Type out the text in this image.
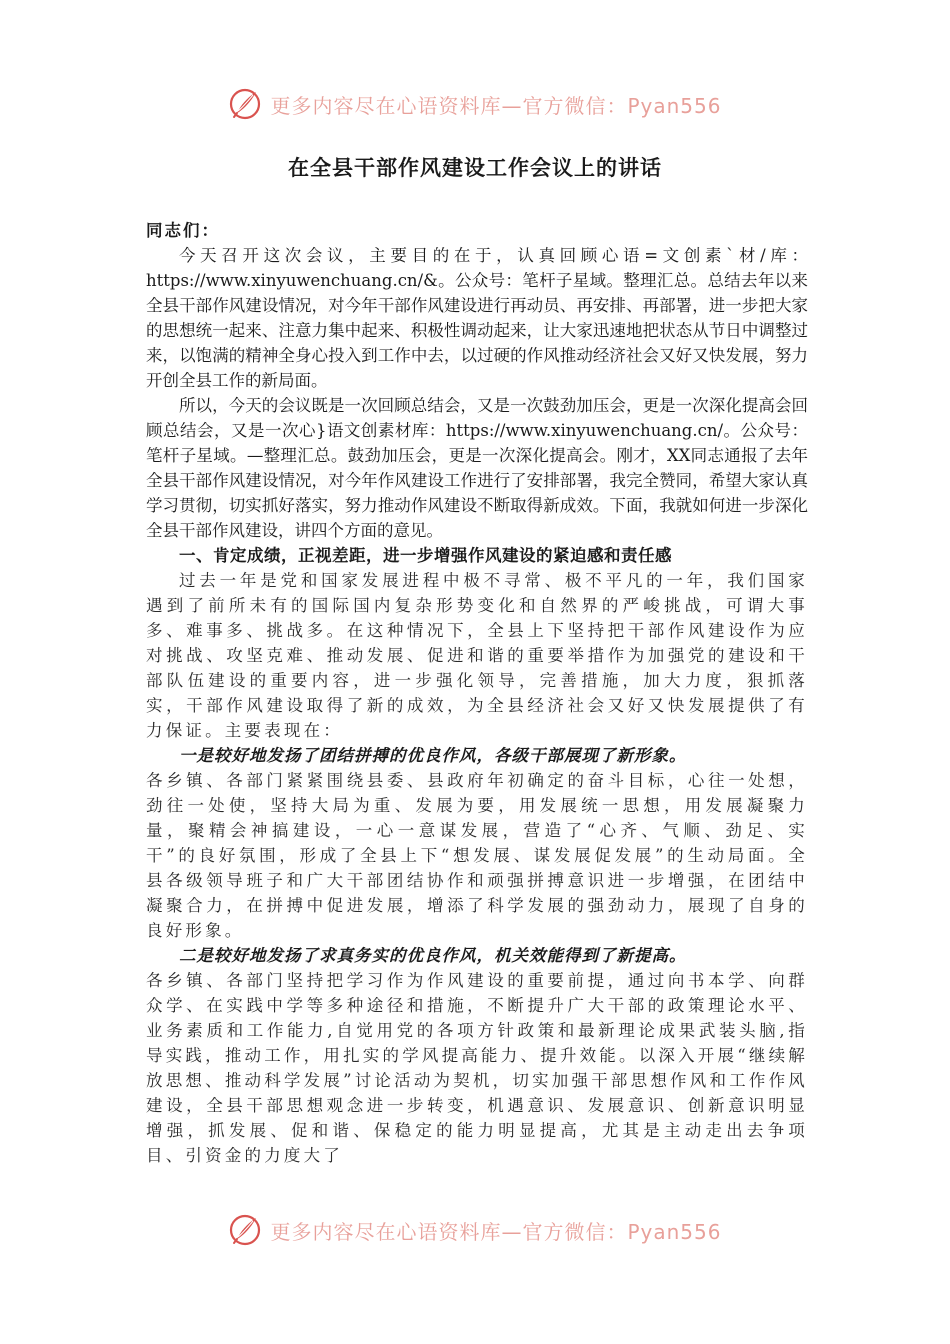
更多内容尽在心语资料库—官方微信：Pyan556
在全县干部作风建设工作会议上的讲话

同志们：

今天召开这次会议，主要目的在于，认真回顾心语=文创素`材/库：https://www.xinyuwenchuang.cn/&。公众号：笔杆子星域。整理汇总。总结去年以来全县干部作风建设情况，对今年干部作风建设进行再动员、再安排、再部署，进一步把大家的思想统一起来、注意力集中起来、积极性调动起来，让大家迅速地把状态从节日中调整过来，以饱满的精神全身心投入到工作中去，以过硬的作风推动经济社会又好又快发展，努力开创全县工作的新局面。

所以，今天的会议既是一次回顾总结会，又是一次鼓劲加压会，更是一次深化提高会回顾总结会，又是一次心}语文创素材库：https://www.xinyuwenchuang.cn/。公众号：笔杆子星域。—整理汇总。鼓劲加压会，更是一次深化提高会。刚才，XX同志通报了去年全县干部作风建设情况，对今年作风建设工作进行了安排部署，我完全赞同，希望大家认真学习贯彻，切实抓好落实，努力推动作风建设不断取得新成效。下面，我就如何进一步深化全县干部作风建设，讲四个方面的意见。

一、肯定成绩，正视差距，进一步增强作风建设的紧迫感和责任感

过去一年是党和国家发展进程中极不寻常、极不平凡的一年，我们国家遇到了前所未有的国际国内复杂形势变化和自然界的严峻挑战，可谓大事多、难事多、挑战多。在这种情况下，全县上下坚持把干部作风建设作为应对挑战、攻坚克难、推动发展、促进和谐的重要举措作为加强党的建设和干部队伍建设的重要内容，进一步强化领导，完善措施，加大力度，狠抓落实，干部作风建设取得了新的成效，为全县经济社会又好又快发展提供了有力保证。主要表现在：

一是较好地发扬了团结拼搏的优良作风，各级干部展现了新形象。

各乡镇、各部门紧紧围绕县委、县政府年初确定的奋斗目标，心往一处想，劲往一处使，坚持大局为重、发展为要，用发展统一思想，用发展凝聚力量，聚精会神搞建设，一心一意谋发展，营造了“心齐、气顺、劲足、实干”的良好氛围，形成了全县上下“想发展、谋发展促发展”的生动局面。全县各级领导班子和广大干部团结协作和顽强拼搏意识进一步增强，在团结中凝聚合力，在拼搏中促进发展，增添了科学发展的强劲动力，展现了自身的良好形象。

二是较好地发扬了求真务实的优良作风，机关效能得到了新提高。

各乡镇、各部门坚持把学习作为作风建设的重要前提，通过向书本学、向群众学、在实践中学等多种途径和措施，不断提升广大干部的政策理论水平、业务素质和工作能力,自觉用党的各项方针政策和最新理论成果武装头脑,指导实践，推动工作，用扎实的学风提高能力、提升效能。以深入开展“继续解放思想、推动科学发展”讨论活动为契机，切实加强干部思想作风和工作作风建设，全县干部思想观念进一步转变，机遇意识、发展意识、创新意识明显增强，抓发展、促和谐、保稳定的能力明显提高，尤其是主动走出去争项目、引资金的力度大了

更多内容尽在心语资料库—官方微信：Pyan556
